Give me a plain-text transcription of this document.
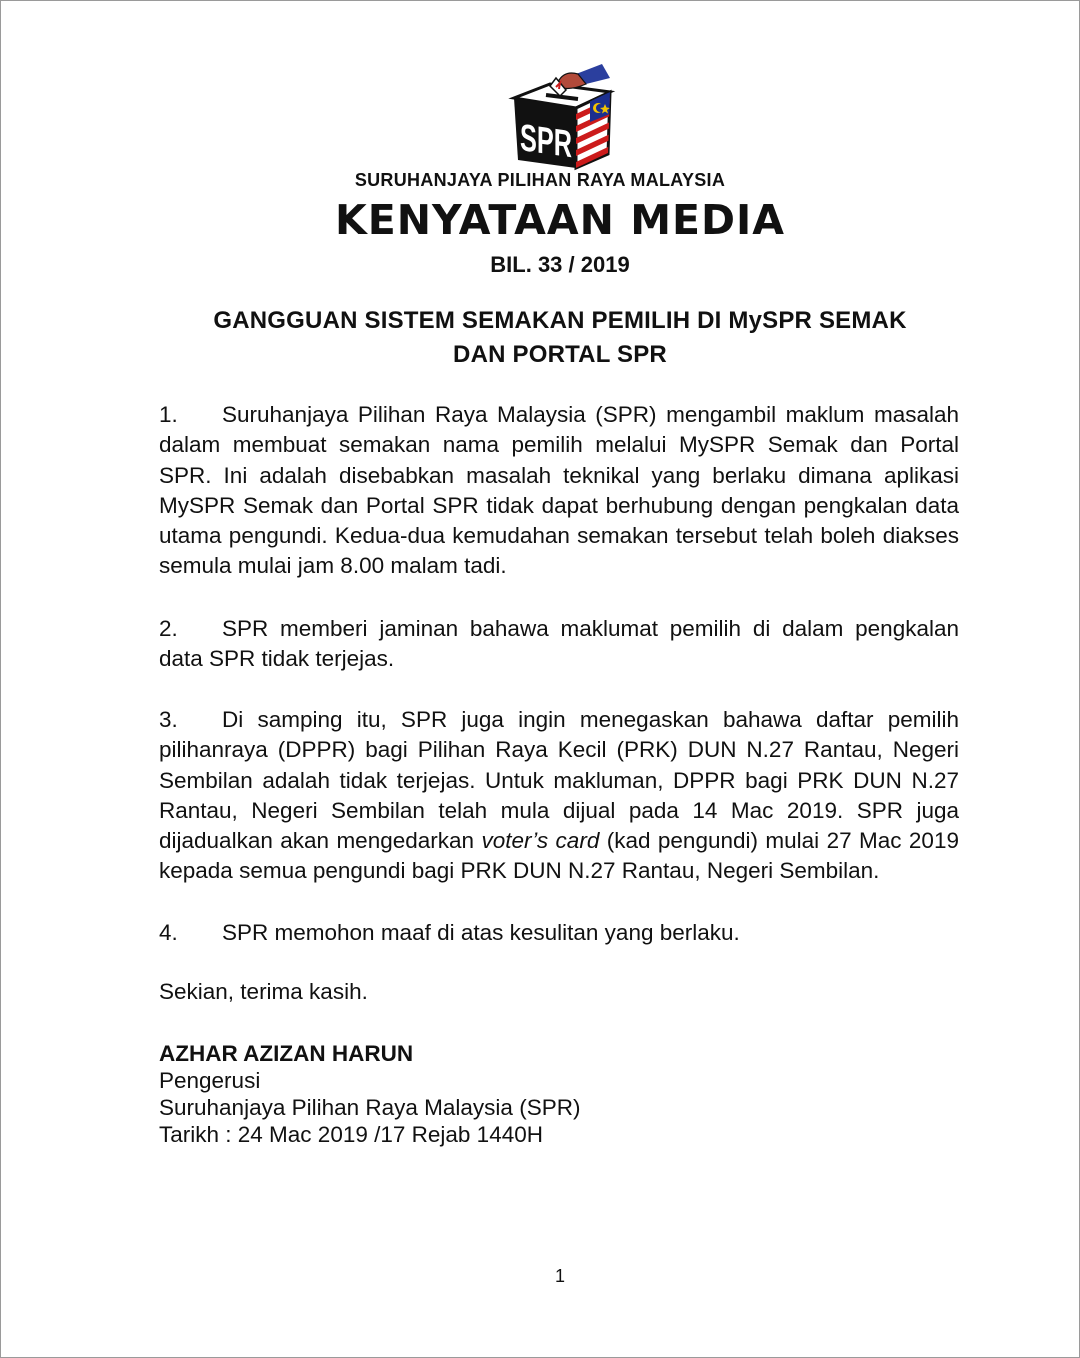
SPR
SURUHANJAYA PILIHAN RAYA MALAYSIA
KENYATAAN MEDIA
BIL. 33 / 2019
GANGGUAN SISTEM SEMAKAN PEMILIH DI MySPR SEMAK
DAN PORTAL SPR
1. Suruhanjaya Pilihan Raya Malaysia (SPR) mengambil maklum masalah dalam membuat semakan nama pemilih melalui MySPR Semak dan Portal SPR. Ini adalah disebabkan masalah teknikal yang berlaku dimana aplikasi MySPR Semak dan Portal SPR tidak dapat berhubung dengan pengkalan data utama pengundi. Kedua-dua kemudahan semakan tersebut telah boleh diakses semula mulai jam 8.00 malam tadi.
2. SPR memberi jaminan bahawa maklumat pemilih di dalam pengkalan data SPR tidak terjejas.
3. Di samping itu, SPR juga ingin menegaskan bahawa daftar pemilih pilihanraya (DPPR) bagi Pilihan Raya Kecil (PRK) DUN N.27 Rantau, Negeri Sembilan adalah tidak terjejas. Untuk makluman, DPPR bagi PRK DUN N.27 Rantau, Negeri Sembilan telah mula dijual pada 14 Mac 2019. SPR juga dijadualkan akan mengedarkan voter’s card (kad pengundi) mulai 27 Mac 2019 kepada semua pengundi bagi PRK DUN N.27 Rantau, Negeri Sembilan.
4. SPR memohon maaf di atas kesulitan yang berlaku.
Sekian, terima kasih.
AZHAR AZIZAN HARUN
Pengerusi
Suruhanjaya Pilihan Raya Malaysia (SPR)
Tarikh : 24 Mac 2019 /17 Rejab 1440H
1
